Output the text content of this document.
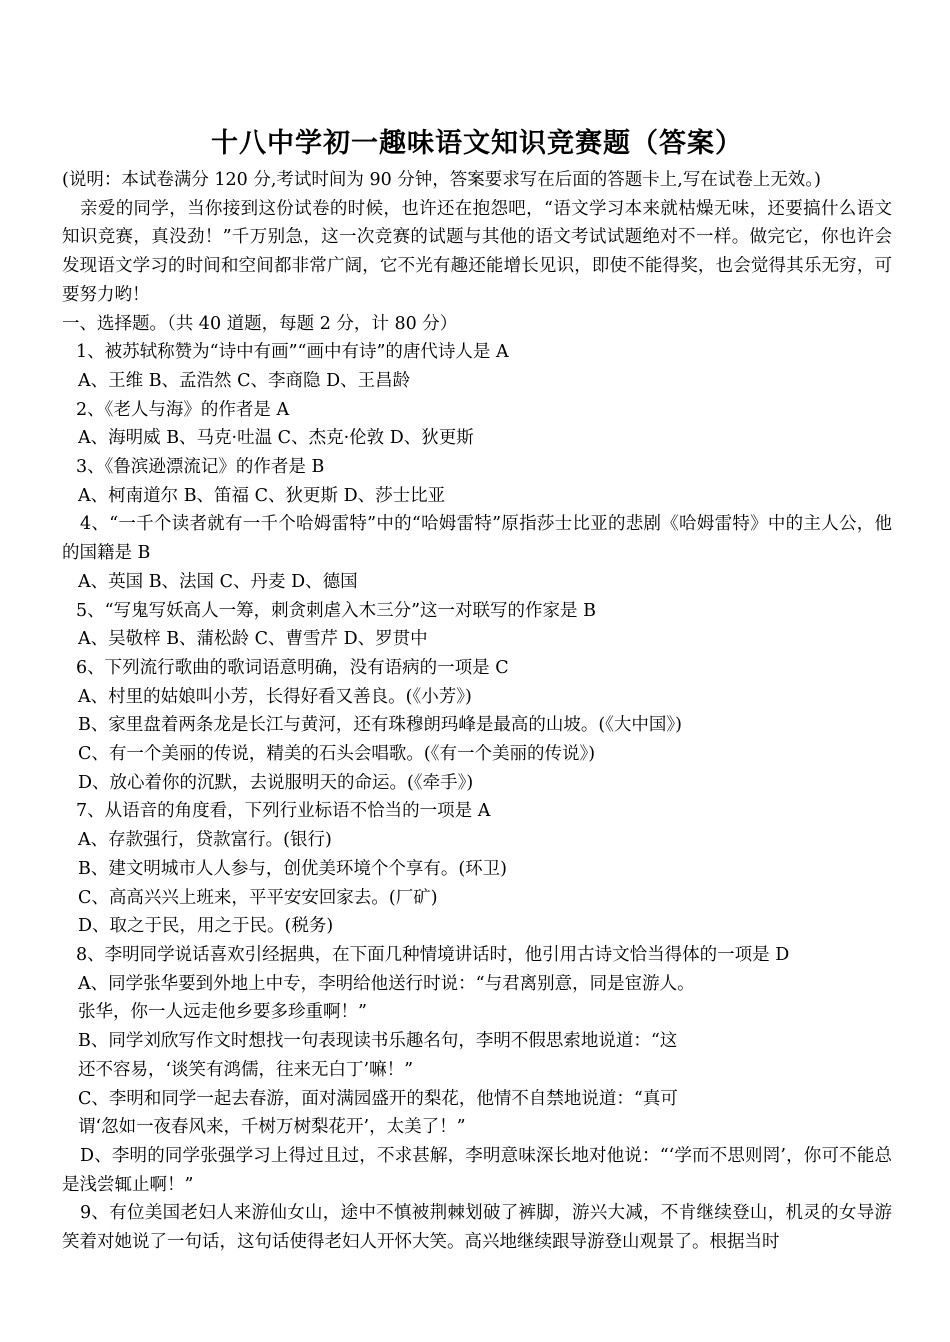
十八中学初一趣味语文知识竞赛题（答案）
(说明：本试卷满分 120 分,考试时间为 90 分钟，答案要求写在后面的答题卡上,写在试卷上无效。)
亲爱的同学，当你接到这份试卷的时候，也许还在抱怨吧，“语文学习本来就枯燥无味，还要搞什么语文知识竞赛，真没劲！”千万别急，这一次竞赛的试题与其他的语文考试试题绝对不一样。做完它，你也许会发现语文学习的时间和空间都非常广阔，它不光有趣还能增长见识，即使不能得奖，也会觉得其乐无穷，可要努力哟！
一、选择题。（共 40 道题，每题 2 分，计 80 分）
1、被苏轼称赞为“诗中有画”“画中有诗”的唐代诗人是 A
A、王维 B、孟浩然 C、李商隐 D、王昌龄
2、《老人与海》的作者是 A
A、海明威 B、马克·吐温 C、杰克·伦敦 D、狄更斯
3、《鲁滨逊漂流记》的作者是 B
A、柯南道尔 B、笛福 C、狄更斯 D、莎士比亚
4、“一千个读者就有一千个哈姆雷特”中的“哈姆雷特”原指莎士比亚的悲剧《哈姆雷特》中的主人公，他的国籍是 B
A、英国 B、法国 C、丹麦 D、德国
5、“写鬼写妖高人一筹，刺贪刺虐入木三分”这一对联写的作家是 B
A、吴敬梓 B、蒲松龄 C、曹雪芹 D、罗贯中
6、下列流行歌曲的歌词语意明确，没有语病的一项是 C
A、村里的姑娘叫小芳，长得好看又善良。(《小芳》)
B、家里盘着两条龙是长江与黄河，还有珠穆朗玛峰是最高的山坡。(《大中国》)
C、有一个美丽的传说，精美的石头会唱歌。(《有一个美丽的传说》)
D、放心着你的沉默，去说服明天的命运。(《牵手》)
7、从语音的角度看，下列行业标语不恰当的一项是 A
A、存款强行，贷款富行。(银行)
B、建文明城市人人参与，创优美环境个个享有。(环卫)
C、高高兴兴上班来，平平安安回家去。(厂矿)
D、取之于民，用之于民。(税务)
8、李明同学说话喜欢引经据典，在下面几种情境讲话时，他引用古诗文恰当得体的一项是 D
A、同学张华要到外地上中专，李明给他送行时说：“与君离别意，同是宦游人。
张华，你一人远走他乡要多珍重啊！”
B、同学刘欣写作文时想找一句表现读书乐趣名句，李明不假思索地说道：“这
还不容易，‘谈笑有鸿儒，往来无白丁’嘛！”
C、李明和同学一起去春游，面对满园盛开的梨花，他情不自禁地说道：“真可
谓‘忽如一夜春风来，千树万树梨花开’，太美了！”
D、李明的同学张强学习上得过且过，不求甚解，李明意味深长地对他说：“‘学而不思则罔’，你可不能总是浅尝辄止啊！”
9、有位美国老妇人来游仙女山，途中不慎被荆棘划破了裤脚，游兴大减，不肯继续登山，机灵的女导游笑着对她说了一句话，这句话使得老妇人开怀大笑。高兴地继续跟导游登山观景了。根据当时
